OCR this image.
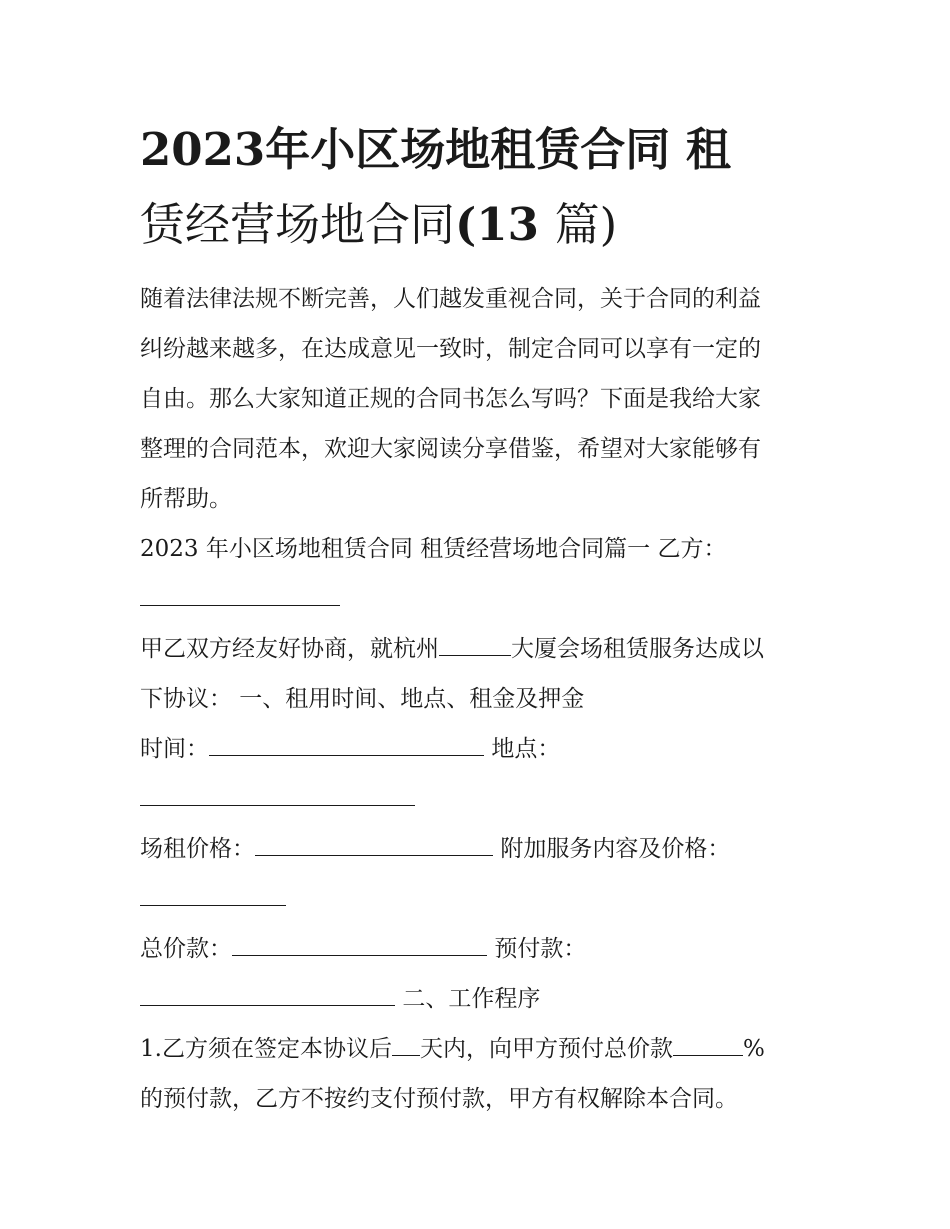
2023年小区场地租赁合同 租
赁经营场地合同(13 篇)

随着法律法规不断完善，人们越发重视合同，关于合同的利益
纠纷越来越多，在达成意见一致时，制定合同可以享有一定的
自由。那么大家知道正规的合同书怎么写吗？下面是我给大家
整理的合同范本，欢迎大家阅读分享借鉴，希望对大家能够有
所帮助。

2023 年小区场地租赁合同 租赁经营场地合同篇一 乙方：
甲乙双方经友好协商，就杭州	大厦会场租赁服务达成以
下协议： 一、租用时间、地点、租金及押金
时间：	地点：
场租价格：	附加服务内容及价格：
总价款：	预付款：
二、工作程序
1.乙方须在签定本协议后 天内，向甲方预付总价款	%
的预付款，乙方不按约支付预付款，甲方有权解除本合同。
